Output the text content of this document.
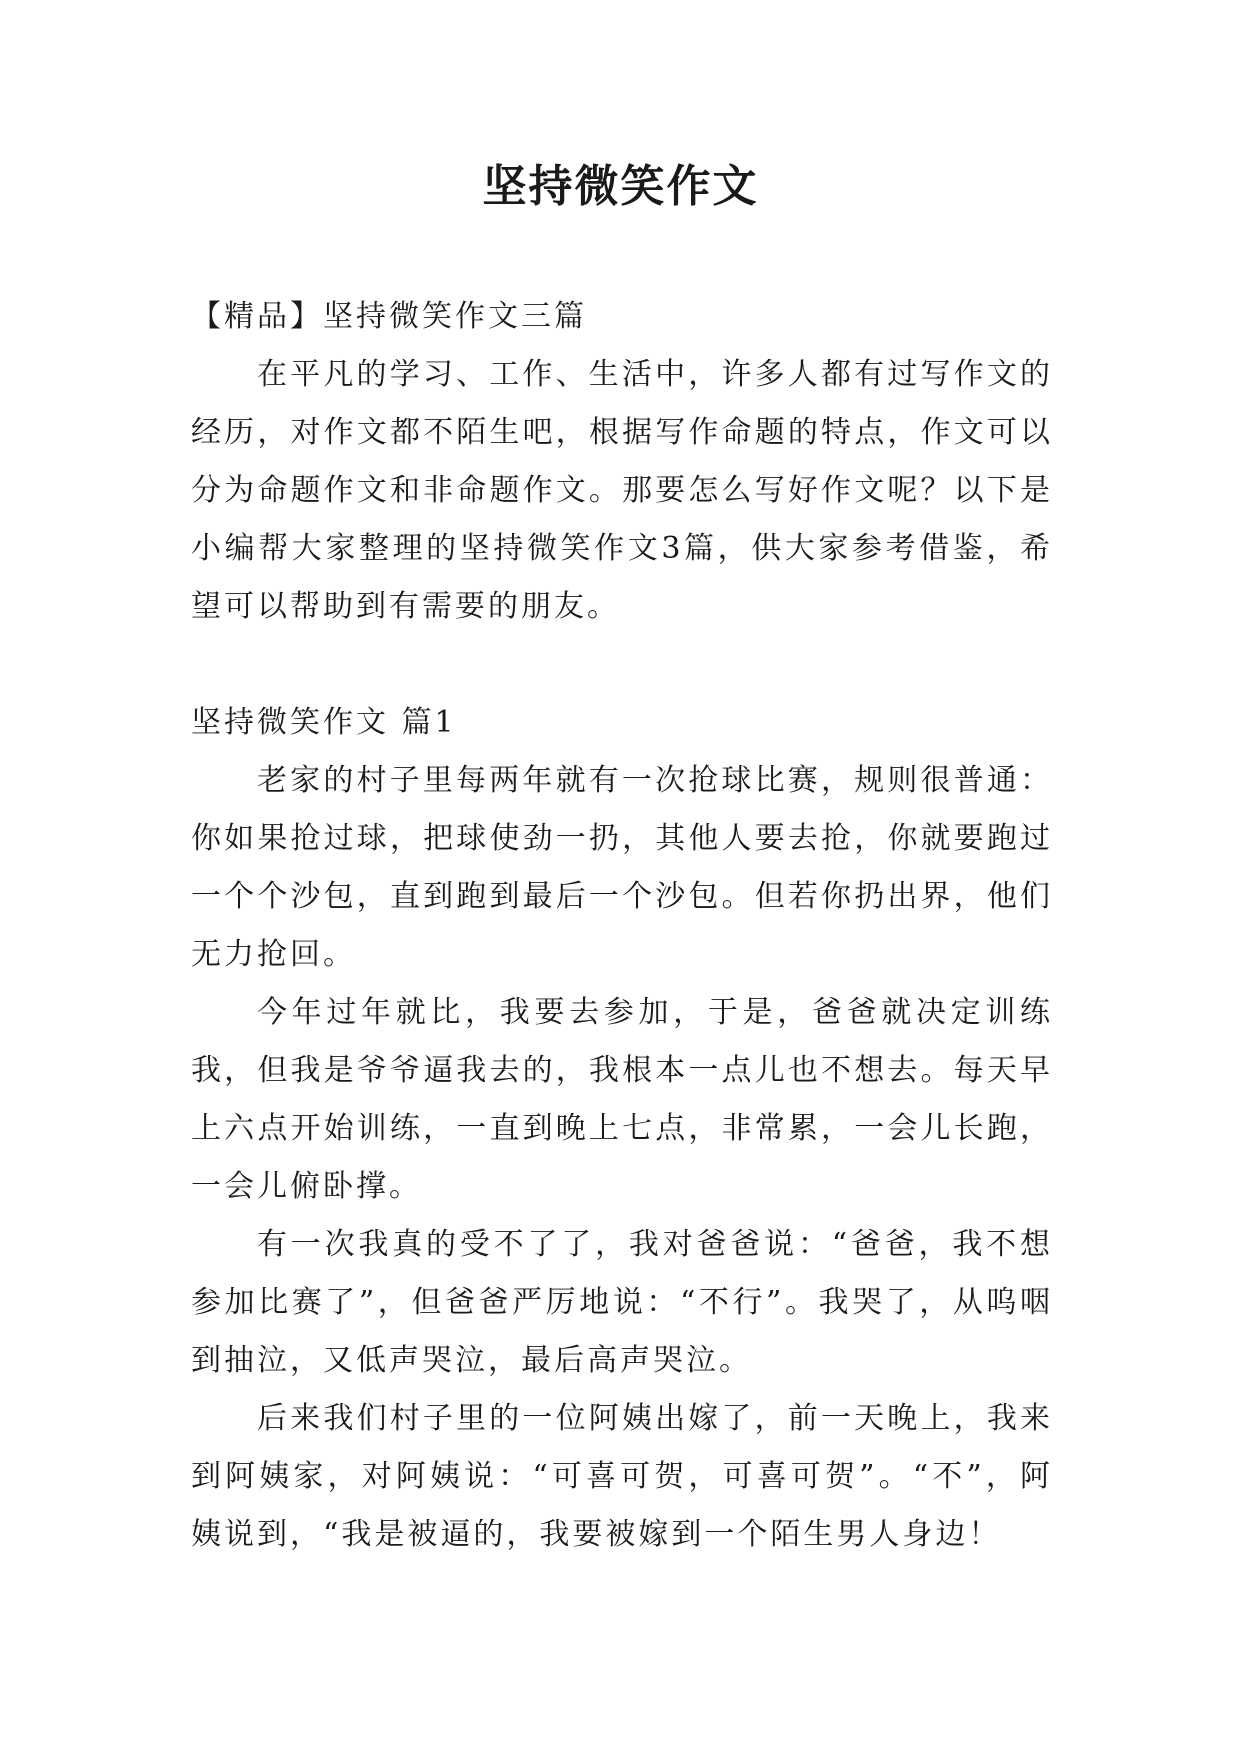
坚持微笑作文

【精品】坚持微笑作文三篇

在平凡的学习、工作、生活中，许多人都有过写作文的经历，对作文都不陌生吧，根据写作命题的特点，作文可以分为命题作文和非命题作文。那要怎么写好作文呢？以下是小编帮大家整理的坚持微笑作文3篇，供大家参考借鉴，希望可以帮助到有需要的朋友。

坚持微笑作文 篇1

老家的村子里每两年就有一次抢球比赛，规则很普通：你如果抢过球，把球使劲一扔，其他人要去抢，你就要跑过一个个沙包，直到跑到最后一个沙包。但若你扔出界，他们无力抢回。

今年过年就比，我要去参加，于是，爸爸就决定训练我，但我是爷爷逼我去的，我根本一点儿也不想去。每天早上六点开始训练，一直到晚上七点，非常累，一会儿长跑，一会儿俯卧撑。

有一次我真的受不了了，我对爸爸说：“爸爸，我不想参加比赛了”，但爸爸严厉地说：“不行”。我哭了，从呜咽到抽泣，又低声哭泣，最后高声哭泣。

后来我们村子里的一位阿姨出嫁了，前一天晚上，我来到阿姨家，对阿姨说：“可喜可贺，可喜可贺”。“不”，阿姨说到，“我是被逼的，我要被嫁到一个陌生男人身边！
